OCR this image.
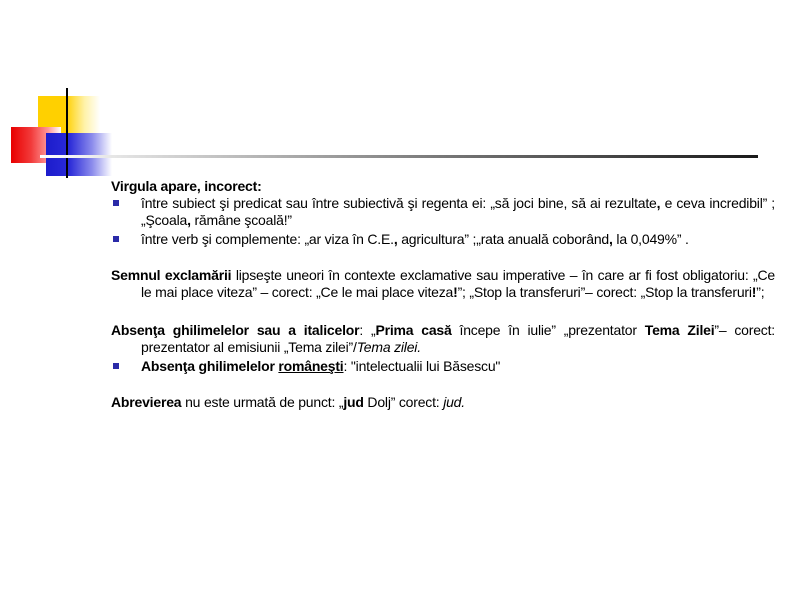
Virgula apare, incorect:

între subiect şi predicat sau între subiectivă şi regenta ei: „să joci bine, să ai rezultate, e ceva incredibil” ; „Şcoala, rămâne şcoală!”
între verb şi complemente: „ar viza în C.E., agricultura” ;„rata anuală coborând, la 0,049%” .

Semnul exclamării lipseşte uneori în contexte exclamative sau imperative – în care ar fi fost obligatoriu: „Ce le mai place viteza” – corect: „Ce le mai place viteza!”; „Stop la transferuri”– corect: „Stop la transferuri!”;

Absenţa ghilimelelor sau a italicelor: „Prima casă începe în iulie” „prezentator Tema Zilei”– corect: prezentator al emisiunii „Tema zilei”/Tema zilei.

Absenţa ghilimelelor româneşti: "intelectualii lui Băsescu"

Abrevierea nu este urmată de punct: „jud Dolj” corect: jud.
